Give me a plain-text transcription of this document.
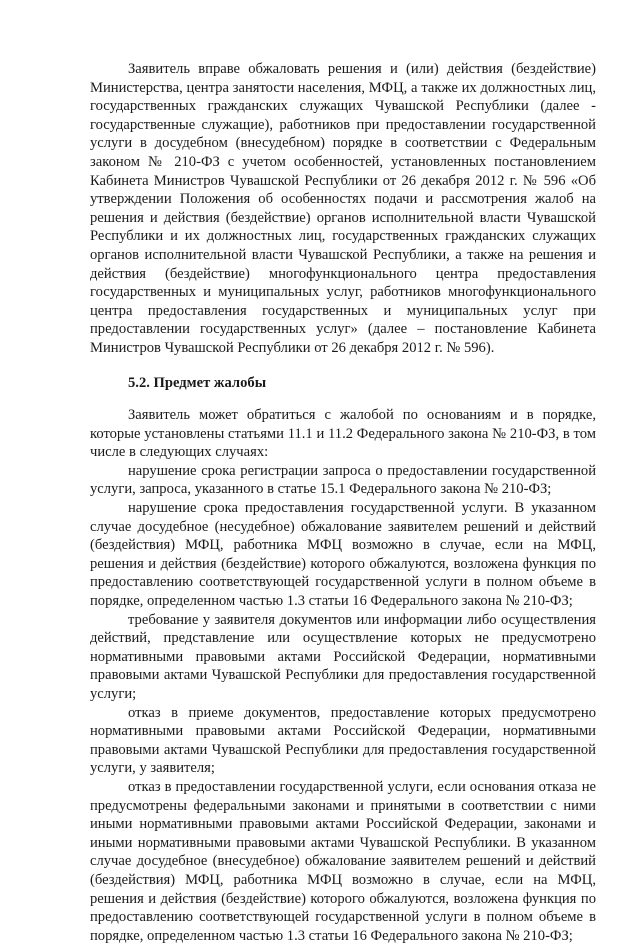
Заявитель вправе обжаловать решения и (или) действия (бездействие) Министерства, центра занятости населения, МФЦ, а также их должностных лиц, государственных гражданских служащих Чувашской Республики (далее - государственные служащие), работников при предоставлении государственной услуги в досудебном (внесудебном) порядке в соответствии с Федеральным законом № 210-ФЗ с учетом особенностей, установленных постановлением Кабинета Министров Чувашской Республики от 26 декабря 2012 г. № 596 «Об утверждении Положения об особенностях подачи и рассмотрения жалоб на решения и действия (бездействие) органов исполнительной власти Чувашской Республики и их должностных лиц, государственных гражданских служащих органов исполнительной власти Чувашской Республики, а также на решения и действия (бездействие) многофункционального центра предоставления государственных и муниципальных услуг, работников многофункционального центра предоставления государственных и муниципальных услуг при предоставлении государственных услуг» (далее – постановление Кабинета Министров Чувашской Республики от 26 декабря 2012 г. № 596).

5.2. Предмет жалобы

Заявитель может обратиться с жалобой по основаниям и в порядке, которые установлены статьями 11.1 и 11.2 Федерального закона № 210-ФЗ, в том числе в следующих случаях:

нарушение срока регистрации запроса о предоставлении государственной услуги, запроса, указанного в статье 15.1 Федерального закона № 210-ФЗ;

нарушение срока предоставления государственной услуги. В указанном случае досудебное (несудебное) обжалование заявителем решений и действий (бездействия) МФЦ, работника МФЦ возможно в случае, если на МФЦ, решения и действия (бездействие) которого обжалуются, возложена функция по предоставлению соответствующей государственной услуги в полном объеме в порядке, определенном частью 1.3 статьи 16 Федерального закона № 210-ФЗ;

требование у заявителя документов или информации либо осуществления действий, представление или осуществление которых не предусмотрено нормативными правовыми актами Российской Федерации, нормативными правовыми актами Чувашской Республики для предоставления государственной услуги;

отказ в приеме документов, предоставление которых предусмотрено нормативными правовыми актами Российской Федерации, нормативными правовыми актами Чувашской Республики для предоставления государственной услуги, у заявителя;

отказ в предоставлении государственной услуги, если основания отказа не предусмотрены федеральными законами и принятыми в соответствии с ними иными нормативными правовыми актами Российской Федерации, законами и иными нормативными правовыми актами Чувашской Республики. В указанном случае досудебное (внесудебное) обжалование заявителем решений и действий (бездействия) МФЦ, работника МФЦ возможно в случае, если на МФЦ, решения и действия (бездействие) которого обжалуются, возложена функция по предоставлению соответствующей государственной услуги в полном объеме в порядке, определенном частью 1.3 статьи 16 Федерального закона № 210-ФЗ;
